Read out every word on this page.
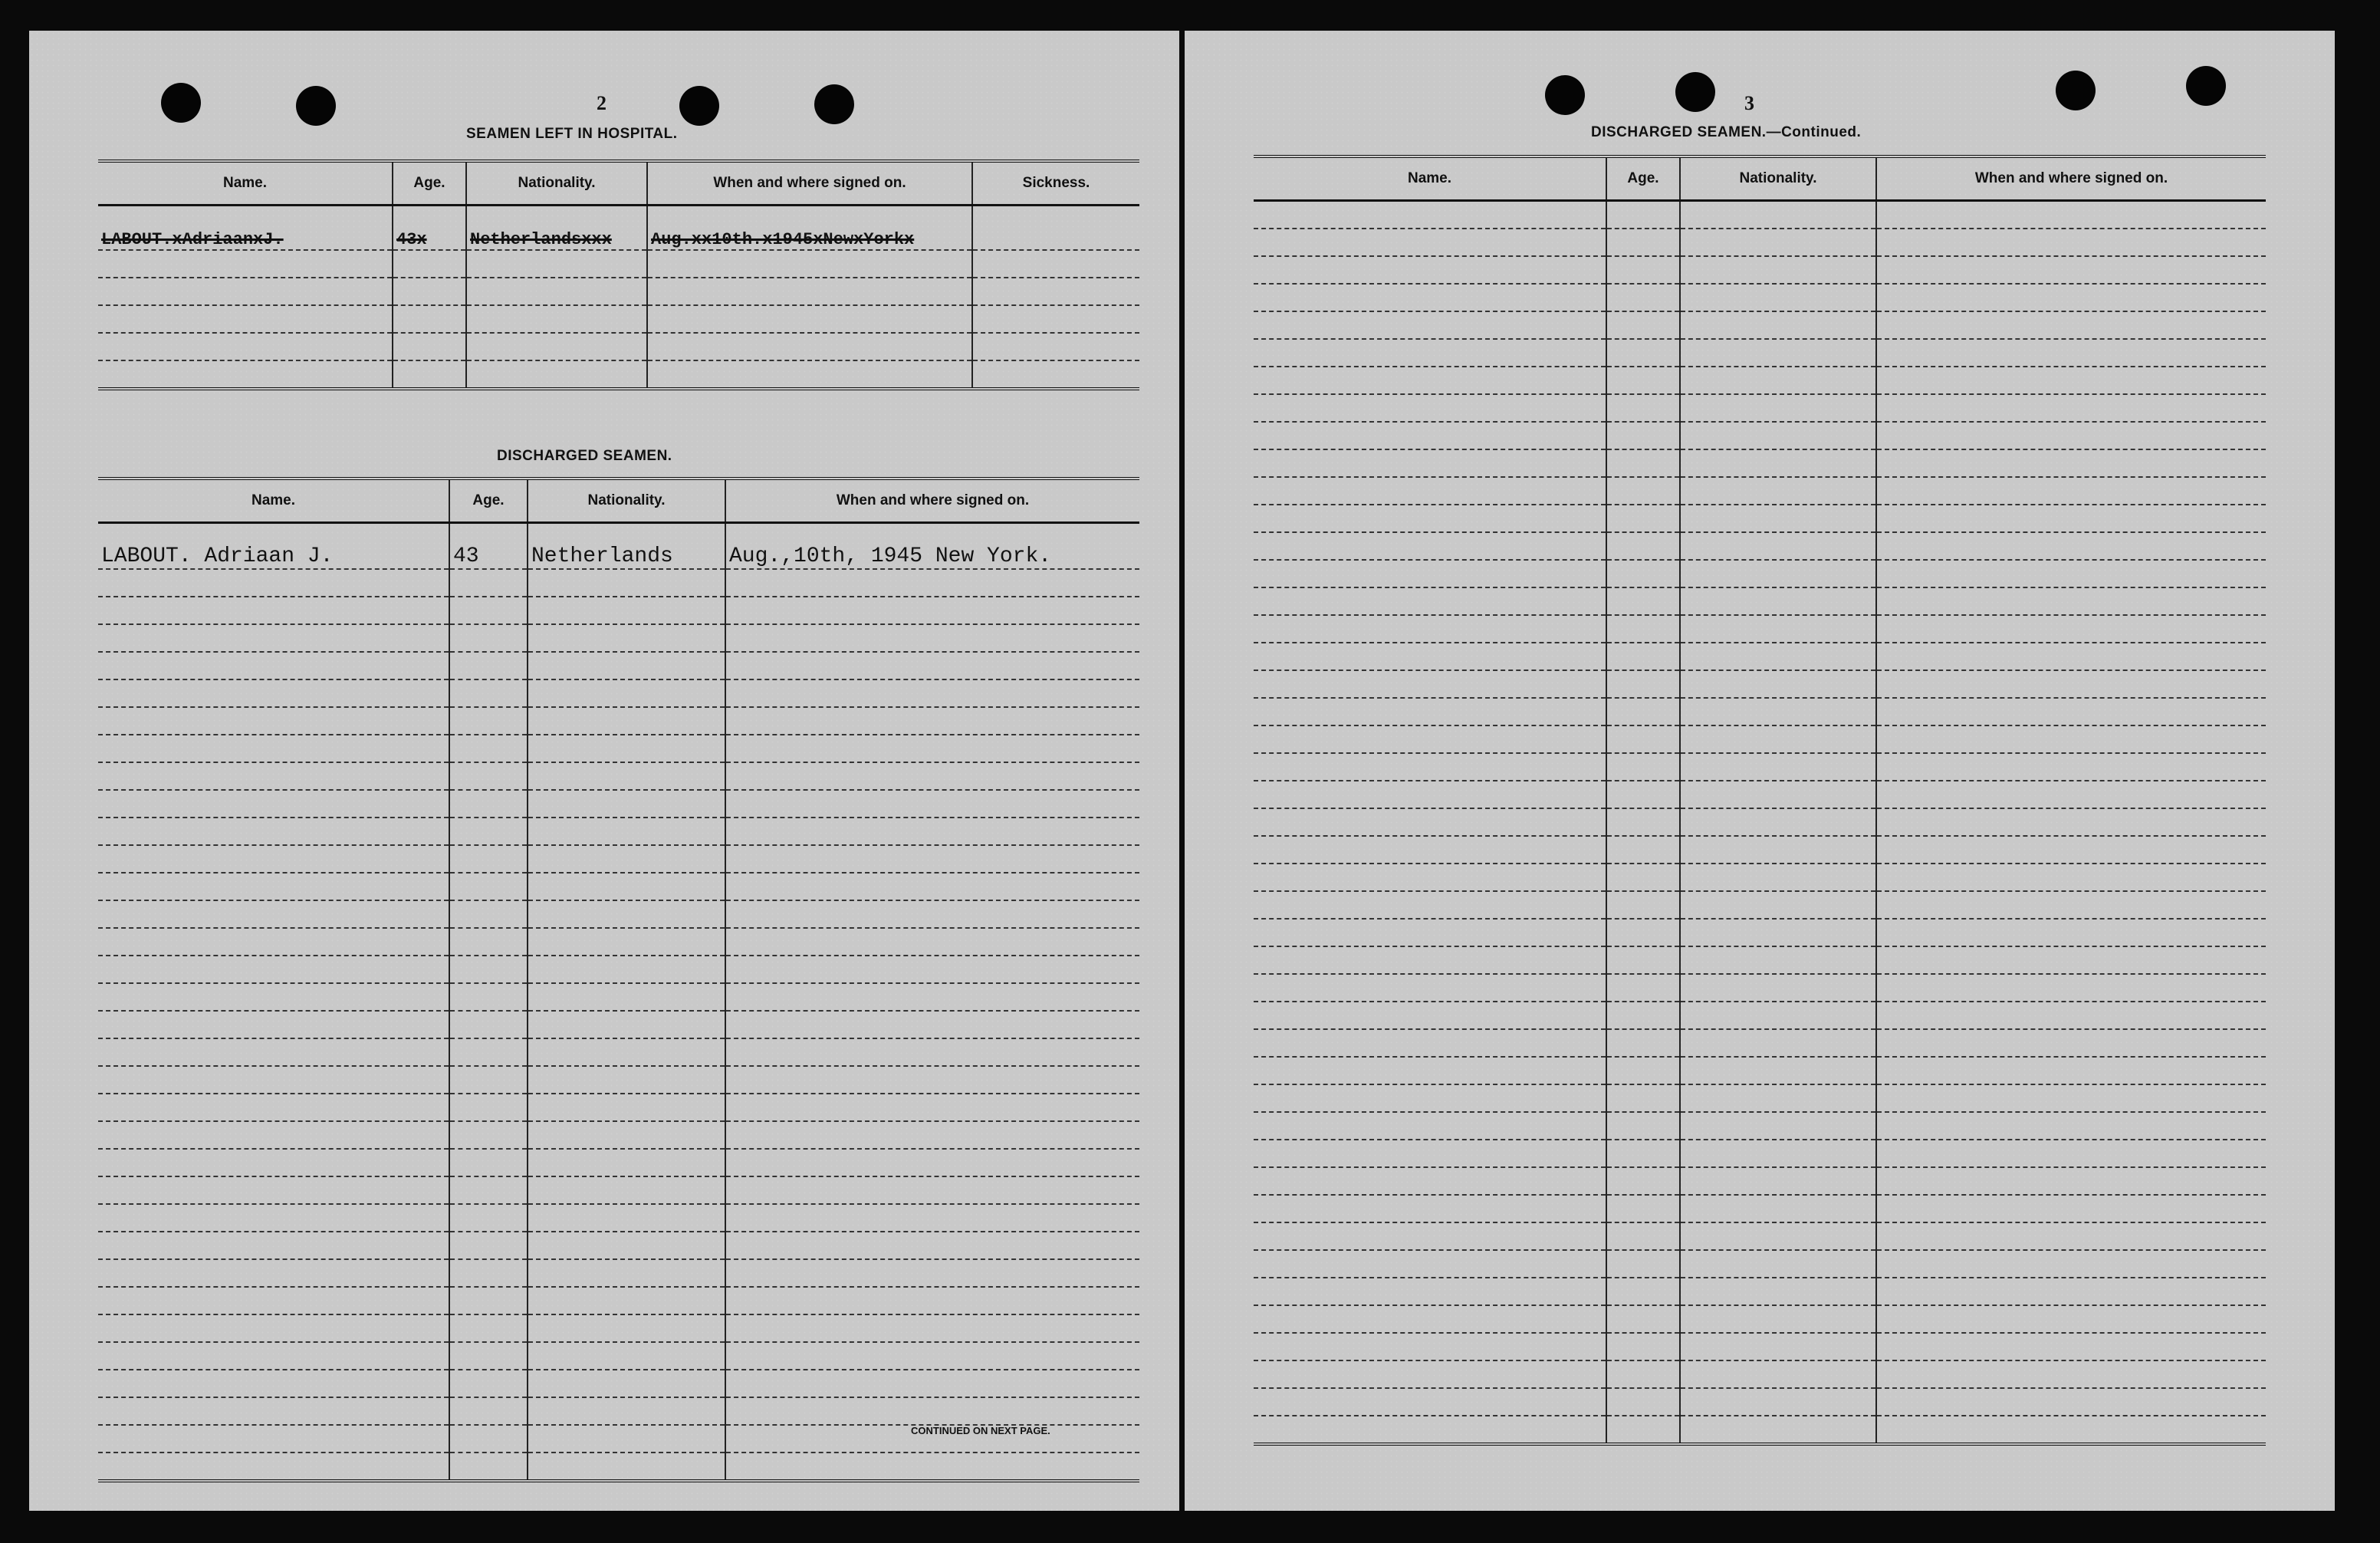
2
SEAMEN LEFT IN HOSPITAL.
Name.	Age.	Nationality.	When and where signed on.	Sickness.
LABOUT.xAdriaanxJ.	43x	Netherlandsxxx	Aug.xx10th.x1945xNewxYorkx	

DISCHARGED SEAMEN.
Name.	Age.	Nationality.	When and where signed on.
LABOUT. Adriaan J.	43	Netherlands	Aug.,10th, 1945 New York.

CONTINUED ON NEXT PAGE.
3
DISCHARGED SEAMEN.—Continued.
Name.	Age.	Nationality.	When and where signed on.
